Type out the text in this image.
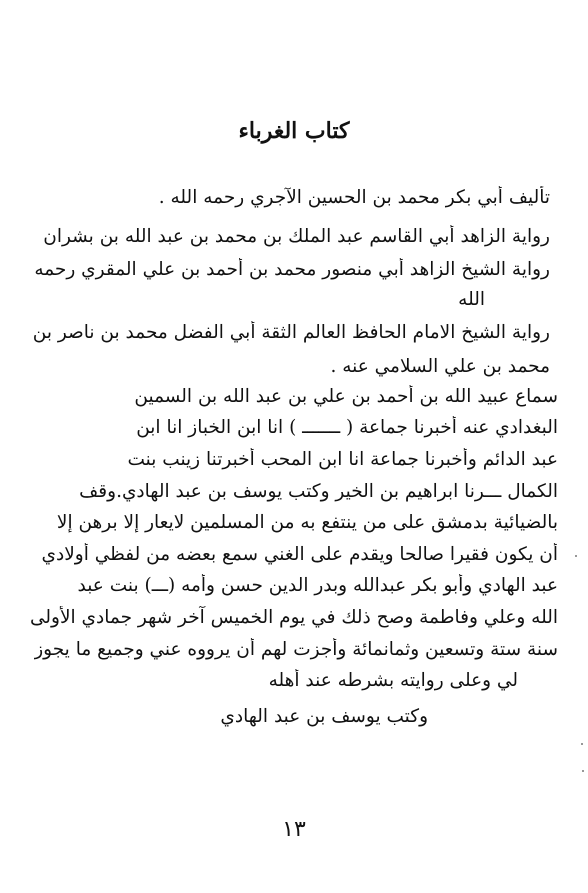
كتاب الغرباء
تأليف أبي بكر محمد بن الحسين الآجري رحمه الله .
رواية الزاهد أبي القاسم عبد الملك بن محمد بن عبد الله بن بشران
رواية الشيخ الزاهد أبي منصور محمد بن أحمد بن علي المقري رحمه
الله
رواية الشيخ الامام الحافظ العالم الثقة أبي الفضل محمد بن ناصر بن
محمد بن علي السلامي عنه .
سماع عبيد الله بن أحمد بن علي بن عبد الله بن السمين
البغدادي عنه أخبرنا جماعة ( ـــــــ ) انا ابن الخباز انا ابن
عبد الدائم وأخبرنا جماعة انا ابن المحب أخبرتنا زينب بنت
الكمال ـــرنا ابراهيم بن الخير وكتب يوسف بن عبد الهادي.وقف
بالضيائية بدمشق على من ينتفع به من المسلمين لايعار إلا برهن إلا
أن يكون فقيرا صالحا ويقدم على الغني سمع بعضه من لفظي أولادي
عبد الهادي وأبو بكر عبدالله وبدر الدين حسن وأمه (ـــ) بنت عبد
الله وعلي وفاطمة وصح ذلك في يوم الخميس آخر شهر جمادي الأولى
سنة ستة وتسعين وثمانمائة وأجزت لهم أن يرووه عني وجميع ما يجوز
لي وعلى روايته بشرطه عند أهله
وكتب يوسف بن عبد الهادي
١٣
